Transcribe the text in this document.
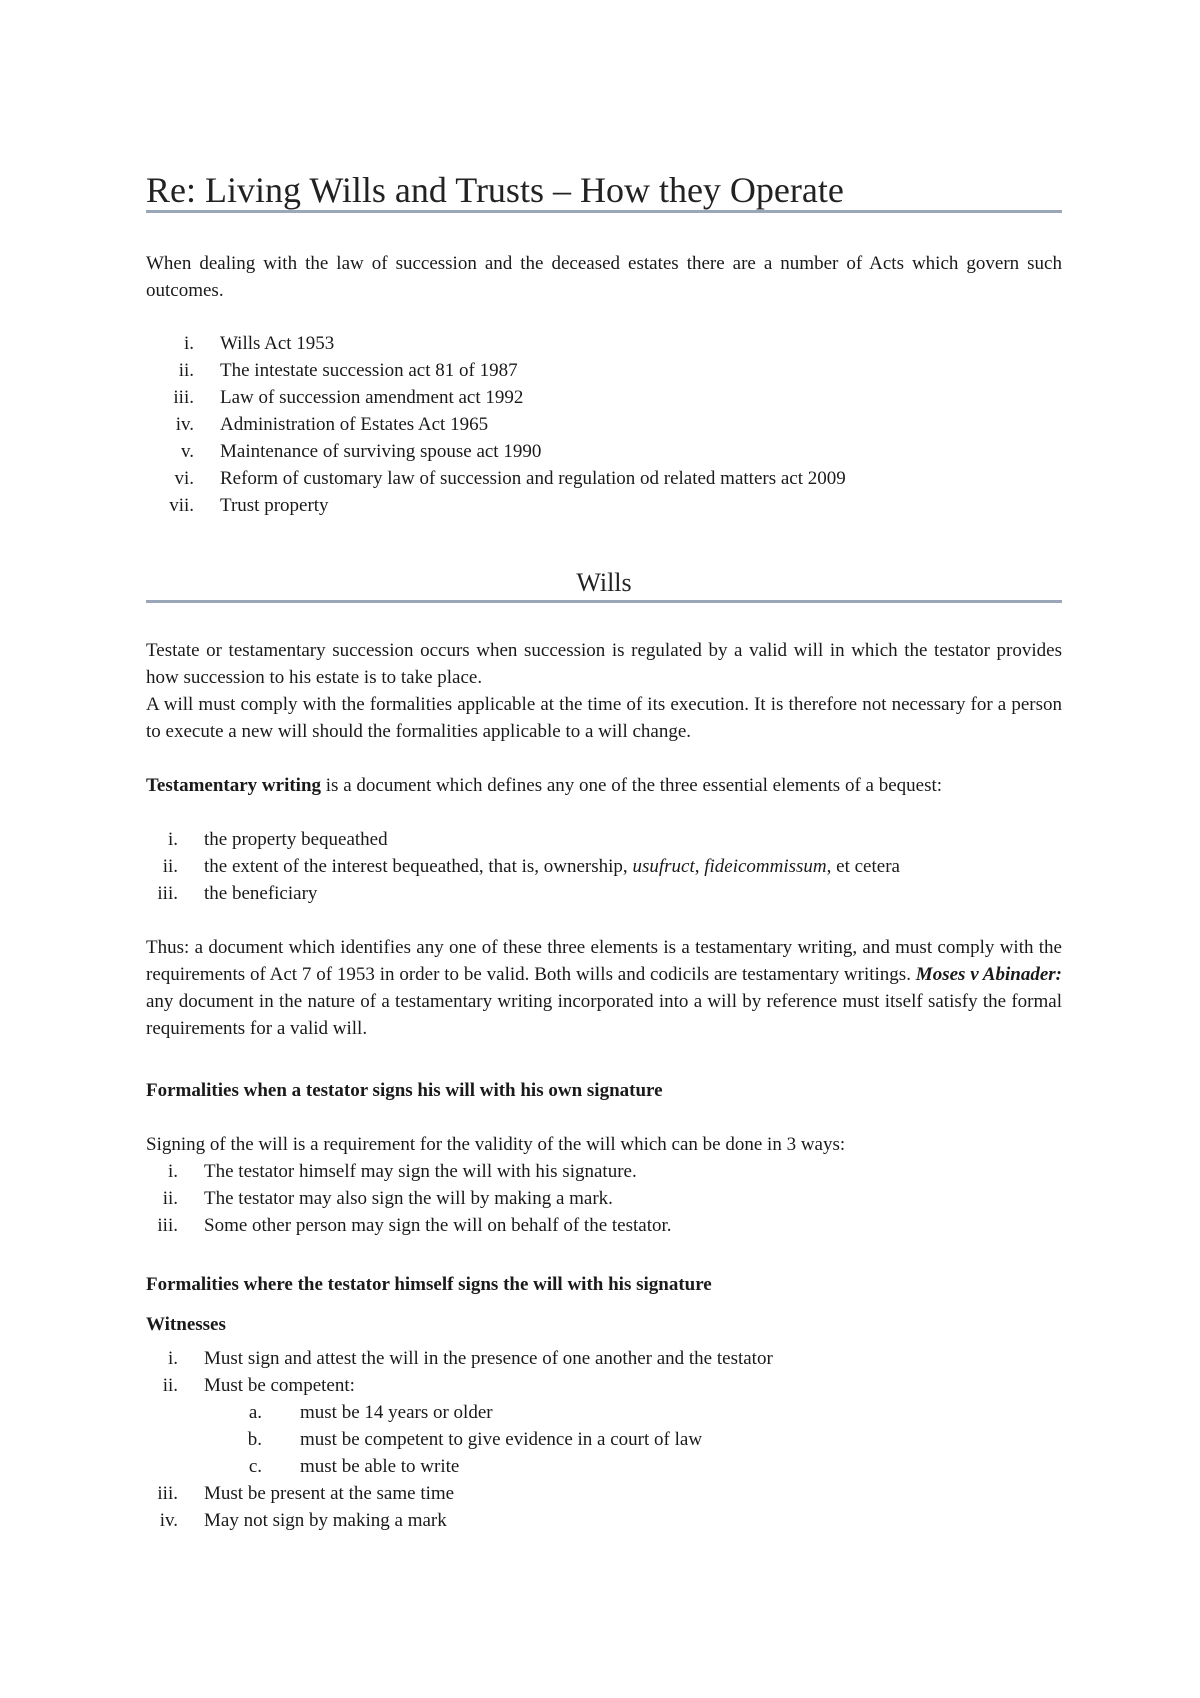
Re: Living Wills and Trusts – How they Operate

When dealing with the law of succession and the deceased estates there are a number of Acts which govern such outcomes.

i. Wills Act 1953
ii. The intestate succession act 81 of 1987
iii. Law of succession amendment act 1992
iv. Administration of Estates Act 1965
v. Maintenance of surviving spouse act 1990
vi. Reform of customary law of succession and regulation od related matters act 2009
vii. Trust property
Wills

Testate or testamentary succession occurs when succession is regulated by a valid will in which the testator provides how succession to his estate is to take place.

A will must comply with the formalities applicable at the time of its execution. It is therefore not necessary for a person to execute a new will should the formalities applicable to a will change.

Testamentary writing is a document which defines any one of the three essential elements of a bequest:

i. the property bequeathed
ii. the extent of the interest bequeathed, that is, ownership, usufruct, fideicommissum, et cetera
iii. the beneficiary

Thus: a document which identifies any one of these three elements is a testamentary writing, and must comply with the requirements of Act 7 of 1953 in order to be valid. Both wills and codicils are testamentary writings. Moses v Abinader: any document in the nature of a testamentary writing incorporated into a will by reference must itself satisfy the formal requirements for a valid will.

Formalities when a testator signs his will with his own signature

Signing of the will is a requirement for the validity of the will which can be done in 3 ways:

i. The testator himself may sign the will with his signature.
ii. The testator may also sign the will by making a mark.
iii. Some other person may sign the will on behalf of the testator.
Formalities where the testator himself signs the will with his signature
Witnesses
i. Must sign and attest the will in the presence of one another and the testator
ii. Must be competent:
a. must be 14 years or older
b. must be competent to give evidence in a court of law
c. must be able to write
iii. Must be present at the same time
iv. May not sign by making a mark
